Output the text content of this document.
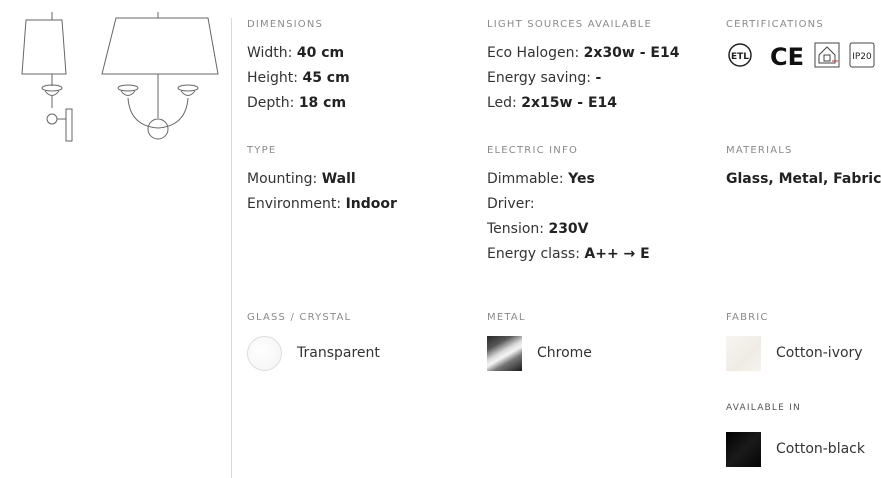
DIMENSIONS
Width: 40 cm
Height: 45 cm
Depth: 18 cm
LIGHT SOURCES AVAILABLE
Eco Halogen: 2x30w - E14
Energy saving: -
Led: 2x15w - E14
CERTIFICATIONS
ETL CE	IP20
TYPE
Mounting: Wall
Environment: Indoor
ELECTRIC INFO
Dimmable: Yes
Driver:
Tension: 230V
Energy class: A++ → E
MATERIALS
Glass, Metal, Fabric
GLASS / CRYSTAL
Transparent
METAL
Chrome
FABRIC
Cotton-ivory
AVAILABLE IN
Cotton-black
